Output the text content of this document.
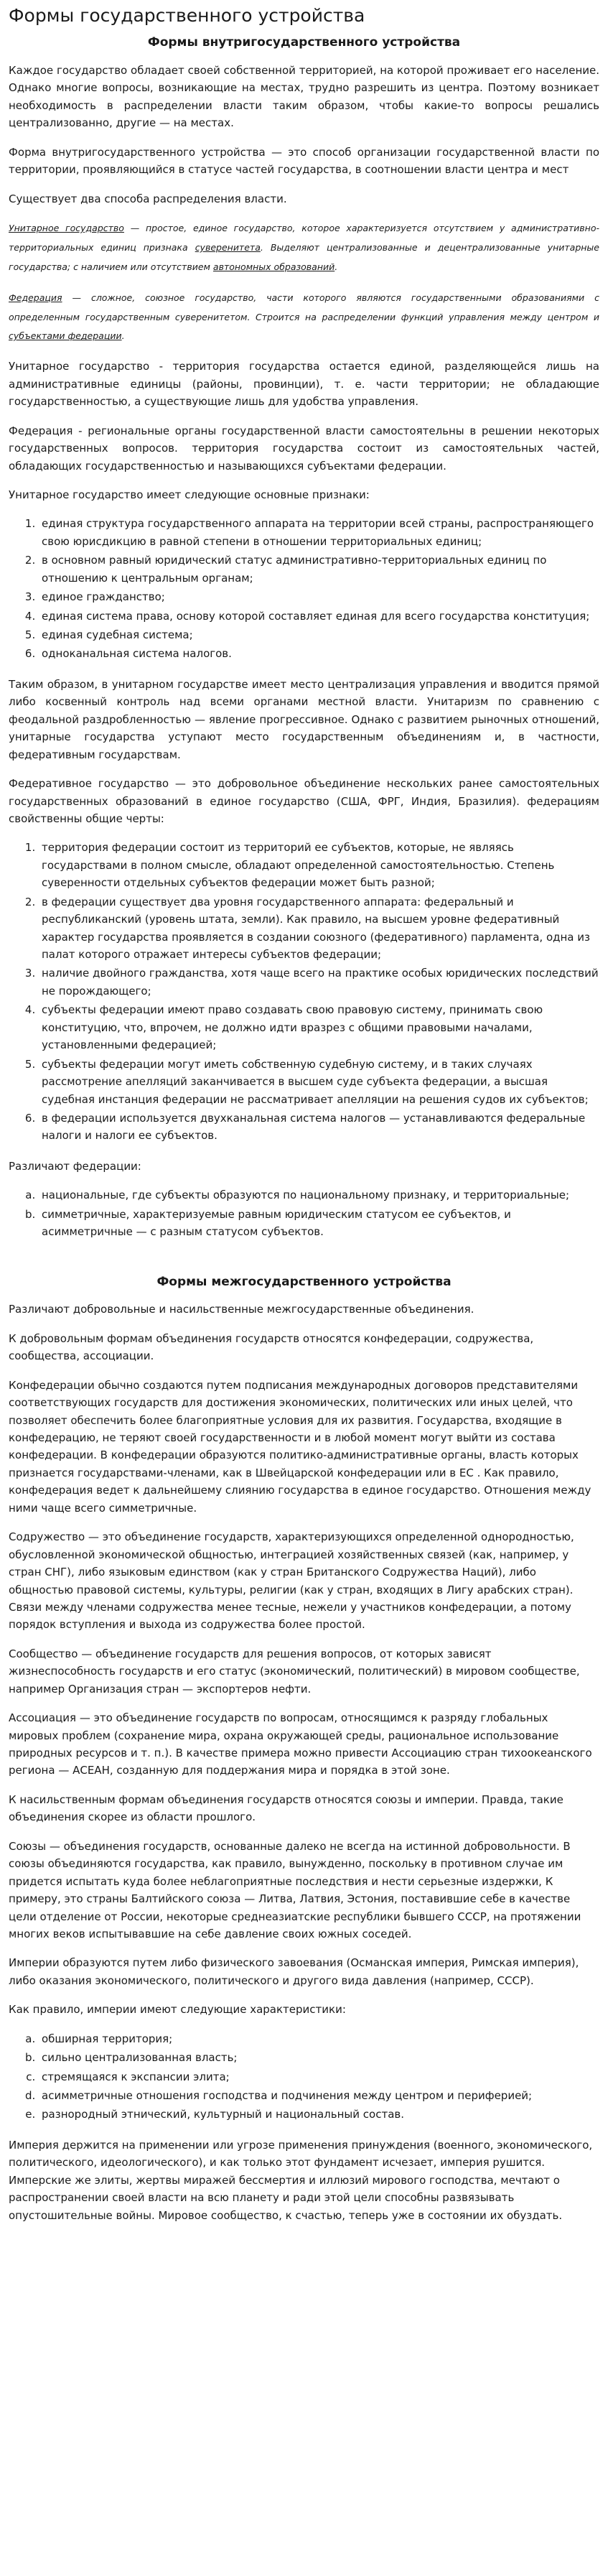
Формы государственного устройства
Формы внутригосударственного устройства

Каждое государство обладает своей собственной территорией, на которой проживает его население. Однако многие вопросы, возникающие на местах, трудно разрешить из центра. Поэтому возникает необходимость в распределении власти таким образом, чтобы какие-то вопросы решались централизованно, другие — на местах.

Форма внутригосударственного устройства — это способ организации государственной власти по территории, проявляющийся в статусе частей государства, в соотношении власти центра и мест

Существует два способа распределения власти.

Унитарное государство — простое, единое государство, которое характеризуется отсутствием у административно-территориальных единиц признака суверенитета. Выделяют централизованные и децентрализованные унитарные государства; с наличием или отсутствием автономных образований.

Федерация — сложное, союзное государство, части которого являются государственными образованиями с определенным государственным суверенитетом. Строится на распределении функций управления между центром и субъектами федерации.

Унитарное государство - территория государства остается единой, разделяющейся лишь на административные единицы (районы, провинции), т. е. части территории; не обладающие государственностью, а существующие лишь для удобства управления.

Федерация - региональные органы государственной власти самостоятельны в решении некоторых государственных вопросов. территория государства состоит из самостоятельных частей, обладающих государственностью и называющихся субъектами федерации.

Унитарное государство имеет следующие основные признаки:

1. единая структура государственного аппарата на территории всей страны, распространяющего свою юрисдикцию в равной степени в отношении территориальных единиц;
2. в основном равный юридический статус административно-территориальных единиц по отношению к центральным органам;
3. единое гражданство;
4. единая система права, основу которой составляет единая для всего государства конституция;
5. единая судебная система;
6. одноканальная система налогов.

Таким образом, в унитарном государстве имеет место централизация управления и вводится прямой либо косвенный контроль над всеми органами местной власти. Унитаризм по сравнению с феодальной раздробленностью — явление прогрессивное. Однако с развитием рыночных отношений, унитарные государства уступают место государственным объединениям и, в частности, федеративным государствам.

Федеративное государство — это добровольное объединение нескольких ранее самостоятельных государственных образований в единое государство (США, ФРГ, Индия, Бразилия). федерациям свойственны общие черты:

1. территория федерации состоит из территорий ее субъектов, которые, не являясь государствами в полном смысле, обладают определенной самостоятельностью. Степень суверенности отдельных субъектов федерации может быть разной;
2. в федерации существует два уровня государственного аппарата: федеральный и республиканский (уровень штата, земли). Как правило, на высшем уровне федеративный характер государства проявляется в создании союзного (федеративного) парламента, одна из палат которого отражает интересы субъектов федерации;
3. наличие двойного гражданства, хотя чаще всего на практике особых юридических последствий не порождающего;
4. субъекты федерации имеют право создавать свою правовую систему, принимать свою конституцию, что, впрочем, не должно идти вразрез с общими правовыми началами, установленными федерацией;
5. субъекты федерации могут иметь собственную судебную систему, и в таких случаях рассмотрение апелляций заканчивается в высшем суде субъекта федерации, а высшая судебная инстанция федерации не рассматривает апелляции на решения судов их субъектов;
6. в федерации используется двухканальная система налогов — устанавливаются федеральные налоги и налоги ее субъектов.

Различают федерации:

a. национальные, где субъекты образуются по национальному признаку, и территориальные;
b. симметричные, характеризуемые равным юридическим статусом ее субъектов, и асимметричные — с разным статусом субъектов.
Формы межгосударственного устройства

Различают добровольные и насильственные межгосударственные объединения.

К добровольным формам объединения государств относятся конфедерации, содружества, сообщества, ассоциации.

Конфедерации обычно создаются путем подписания международных договоров представителями соответствующих государств для достижения экономических, политических или иных целей, что позволяет обеспечить более благоприятные условия для их развития. Государства, входящие в конфедерацию, не теряют своей государственности и в любой момент могут выйти из состава конфедерации. В конфедерации образуются политико-административные органы, власть которых признается государствами-членами, как в Швейцарской конфедерации или в ЕС . Как правило, конфедерация ведет к дальнейшему слиянию государства в единое государство. Отношения между ними чаще всего симметричные.

Содружество — это объединение государств, характеризующихся определенной однородностью, обусловленной экономической общностью, интеграцией хозяйственных связей (как, например, у стран СНГ), либо языковым единством (как у стран Британского Содружества Наций), либо общностью правовой системы, культуры, религии (как у стран, входящих в Лигу арабских стран). Связи между членами содружества менее тесные, нежели у участников конфедерации, а потому порядок вступления и выхода из содружества более простой.

Сообщество — объединение государств для решения вопросов, от которых зависят жизнеспособность государств и его статус (экономический, политический) в мировом сообществе, например Организация стран — экспортеров нефти.

Ассоциация — это объединение государств по вопросам, относящимся к разряду глобальных мировых проблем (сохранение мира, охрана окружающей среды, рациональное использование природных ресурсов и т. п.). В качестве примера можно привести Ассоциацию стран тихоокеанского региона — АСЕАН, созданную для поддержания мира и порядка в этой зоне.

К насильственным формам объединения государств относятся союзы и империи. Правда, такие объединения скорее из области прошлого.

Союзы — объединения государств, основанные далеко не всегда на истинной добровольности. В союзы объединяются государства, как правило, вынужденно, поскольку в противном случае им придется испытать куда более неблагоприятные последствия и нести серьезные издержки, К примеру, это страны Балтийского союза — Литва, Латвия, Эстония, поставившие себе в качестве цели отделение от России, некоторые среднеазиатские республики бывшего СССР, на протяжении многих веков испытывавшие на себе давление своих южных соседей.

Империи образуются путем либо физического завоевания (Османская империя, Римская империя), либо оказания экономического, политического и другого вида давления (например, СССР).

Как правило, империи имеют следующие характеристики:

a. обширная территория;
b. сильно централизованная власть;
c. стремящаяся к экспансии элита;
d. асимметричные отношения господства и подчинения между центром и периферией;
e. разнородный этнический, культурный и национальный состав.

Империя держится на применении или угрозе применения принуждения (военного, экономического, политического, идеологического), и как только этот фундамент исчезает, империя рушится. Имперские же элиты, жертвы миражей бессмертия и иллюзий мирового господства, мечтают о распространении своей власти на всю планету и ради этой цели способны развязывать опустошительные войны. Мировое сообщество, к счастью, теперь уже в состоянии их обуздать.
